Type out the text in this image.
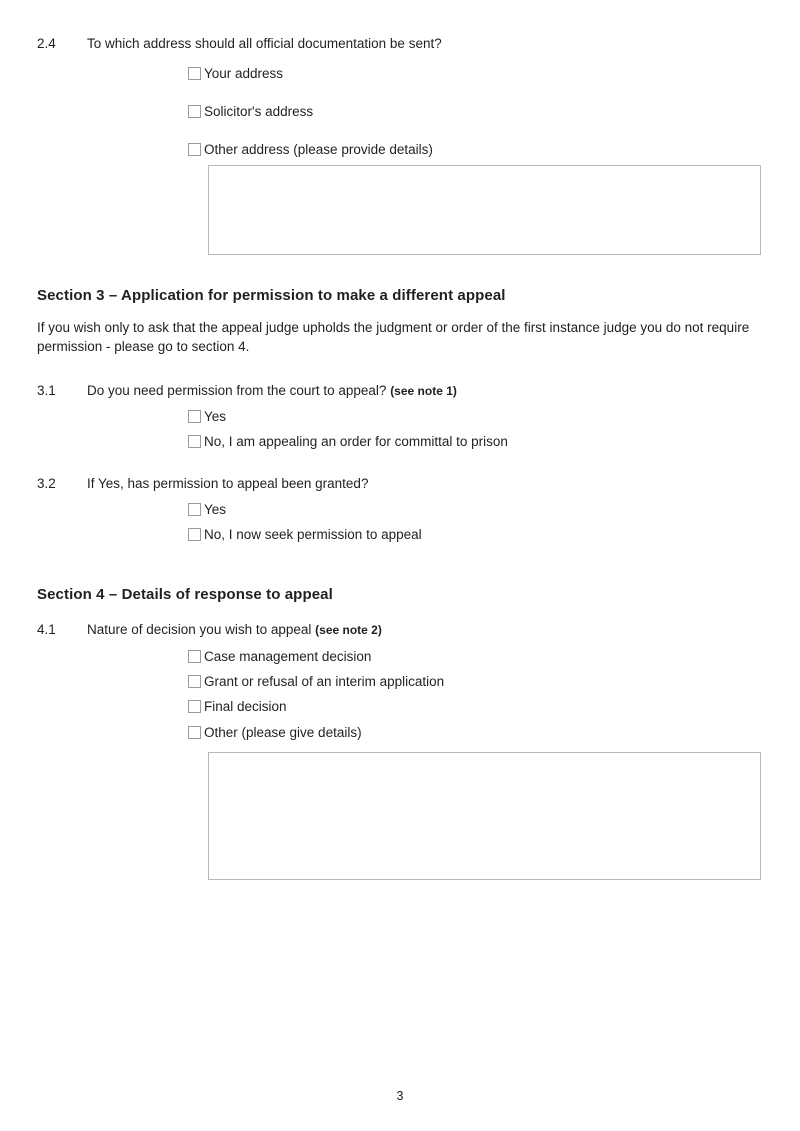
2.4	To which address should all official documentation be sent?
Your address
Solicitor's address
Other address (please provide details)
Section 3 – Application for permission to make a different appeal
If you wish only to ask that the appeal judge upholds the judgment or order of the first instance judge you do not require permission - please go to section 4.
3.1	Do you need permission from the court to appeal? (see note 1)
Yes
No, I am appealing an order for committal to prison
3.2	If Yes, has permission to appeal been granted?
Yes
No, I now seek permission to appeal
Section 4 – Details of response to appeal
4.1	Nature of decision you wish to appeal (see note 2)
Case management decision
Grant or refusal of an interim application
Final decision
Other (please give details)
3
